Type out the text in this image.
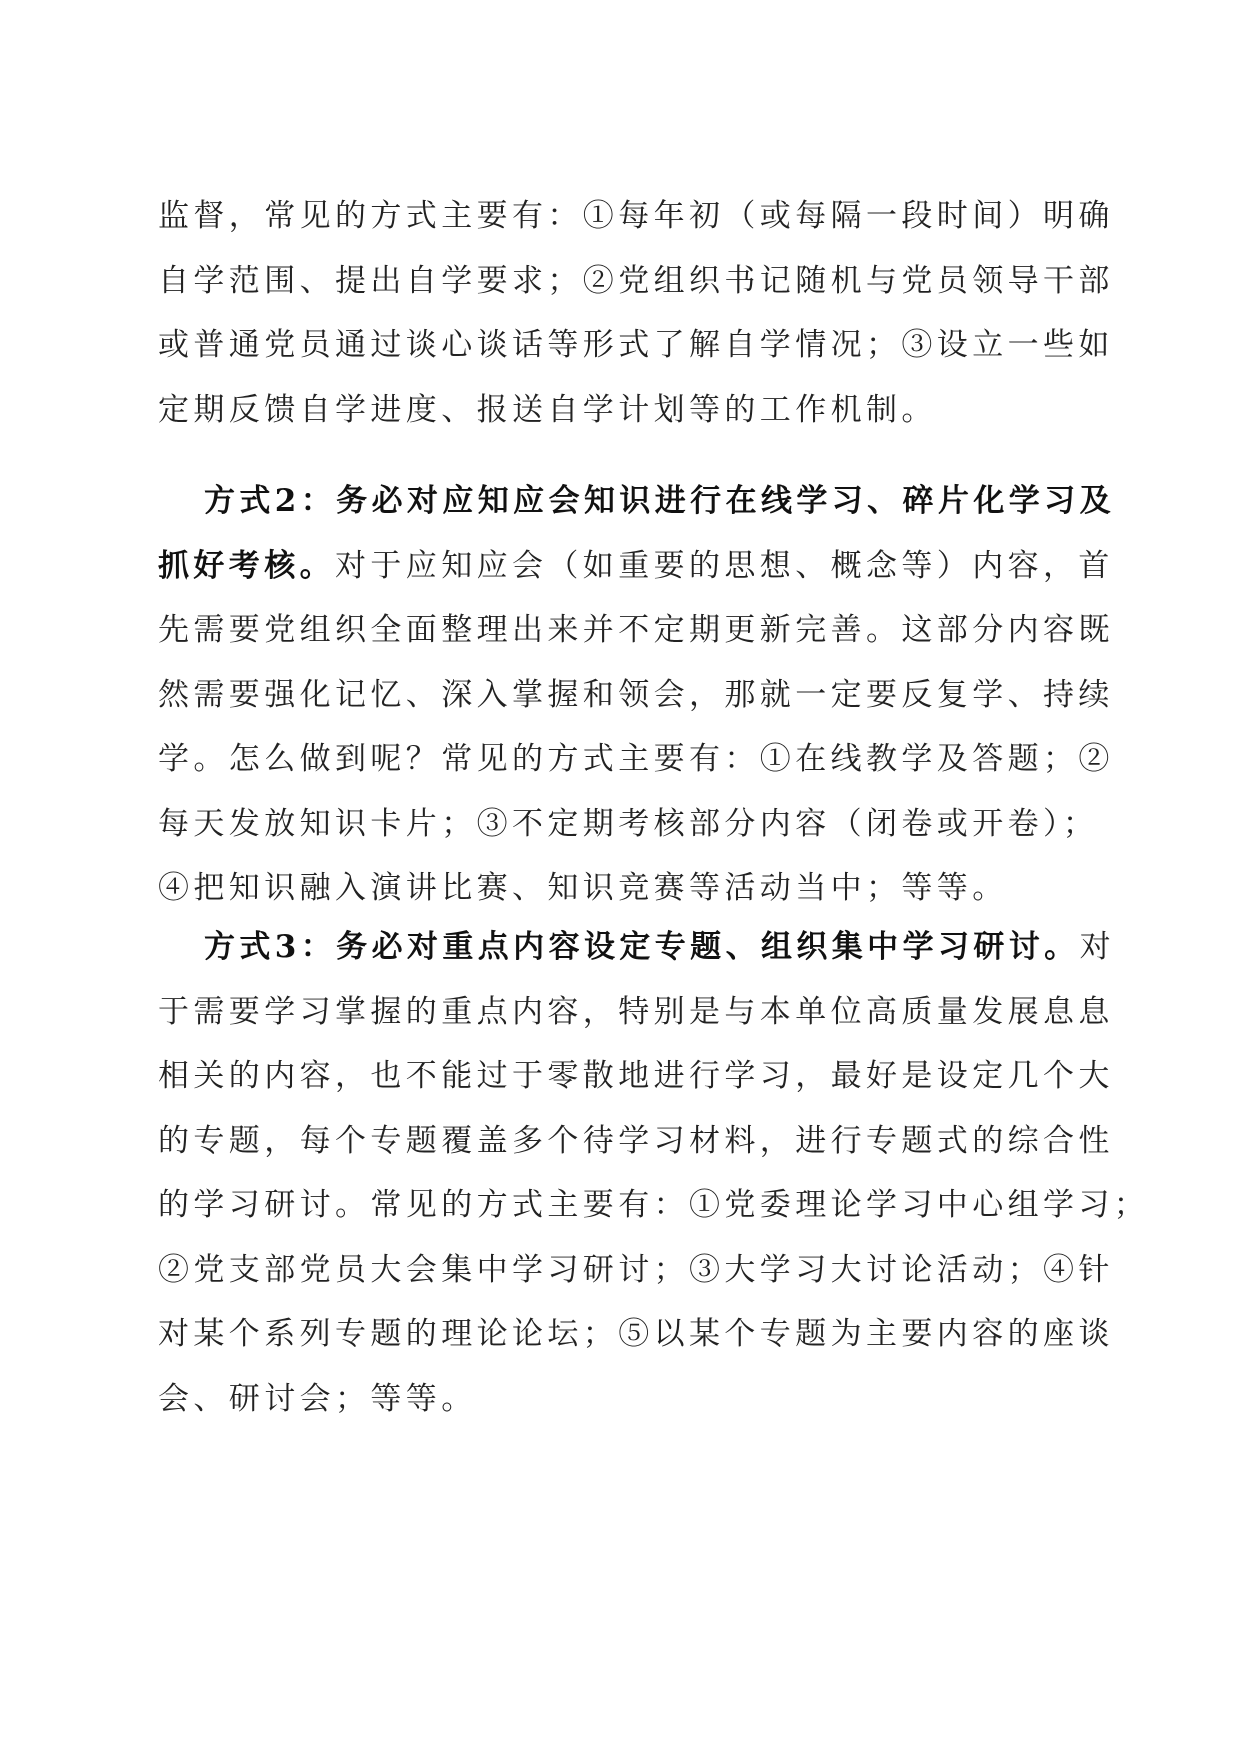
监督，常见的方式主要有：①每年初（或每隔一段时间）明确
自学范围、提出自学要求；②党组织书记随机与党员领导干部
或普通党员通过谈心谈话等形式了解自学情况；③设立一些如
定期反馈自学进度、报送自学计划等的工作机制。
方式2：务必对应知应会知识进行在线学习、碎片化学习及
抓好考核。对于应知应会（如重要的思想、概念等）内容，首
先需要党组织全面整理出来并不定期更新完善。这部分内容既
然需要强化记忆、深入掌握和领会，那就一定要反复学、持续
学。怎么做到呢？常见的方式主要有：①在线教学及答题；②
每天发放知识卡片；③不定期考核部分内容（闭卷或开卷）；
④把知识融入演讲比赛、知识竞赛等活动当中；等等。
方式3：务必对重点内容设定专题、组织集中学习研讨。对
于需要学习掌握的重点内容，特别是与本单位高质量发展息息
相关的内容，也不能过于零散地进行学习，最好是设定几个大
的专题，每个专题覆盖多个待学习材料，进行专题式的综合性
的学习研讨。常见的方式主要有：①党委理论学习中心组学习；
②党支部党员大会集中学习研讨；③大学习大讨论活动；④针
对某个系列专题的理论论坛；⑤以某个专题为主要内容的座谈
会、研讨会；等等。
